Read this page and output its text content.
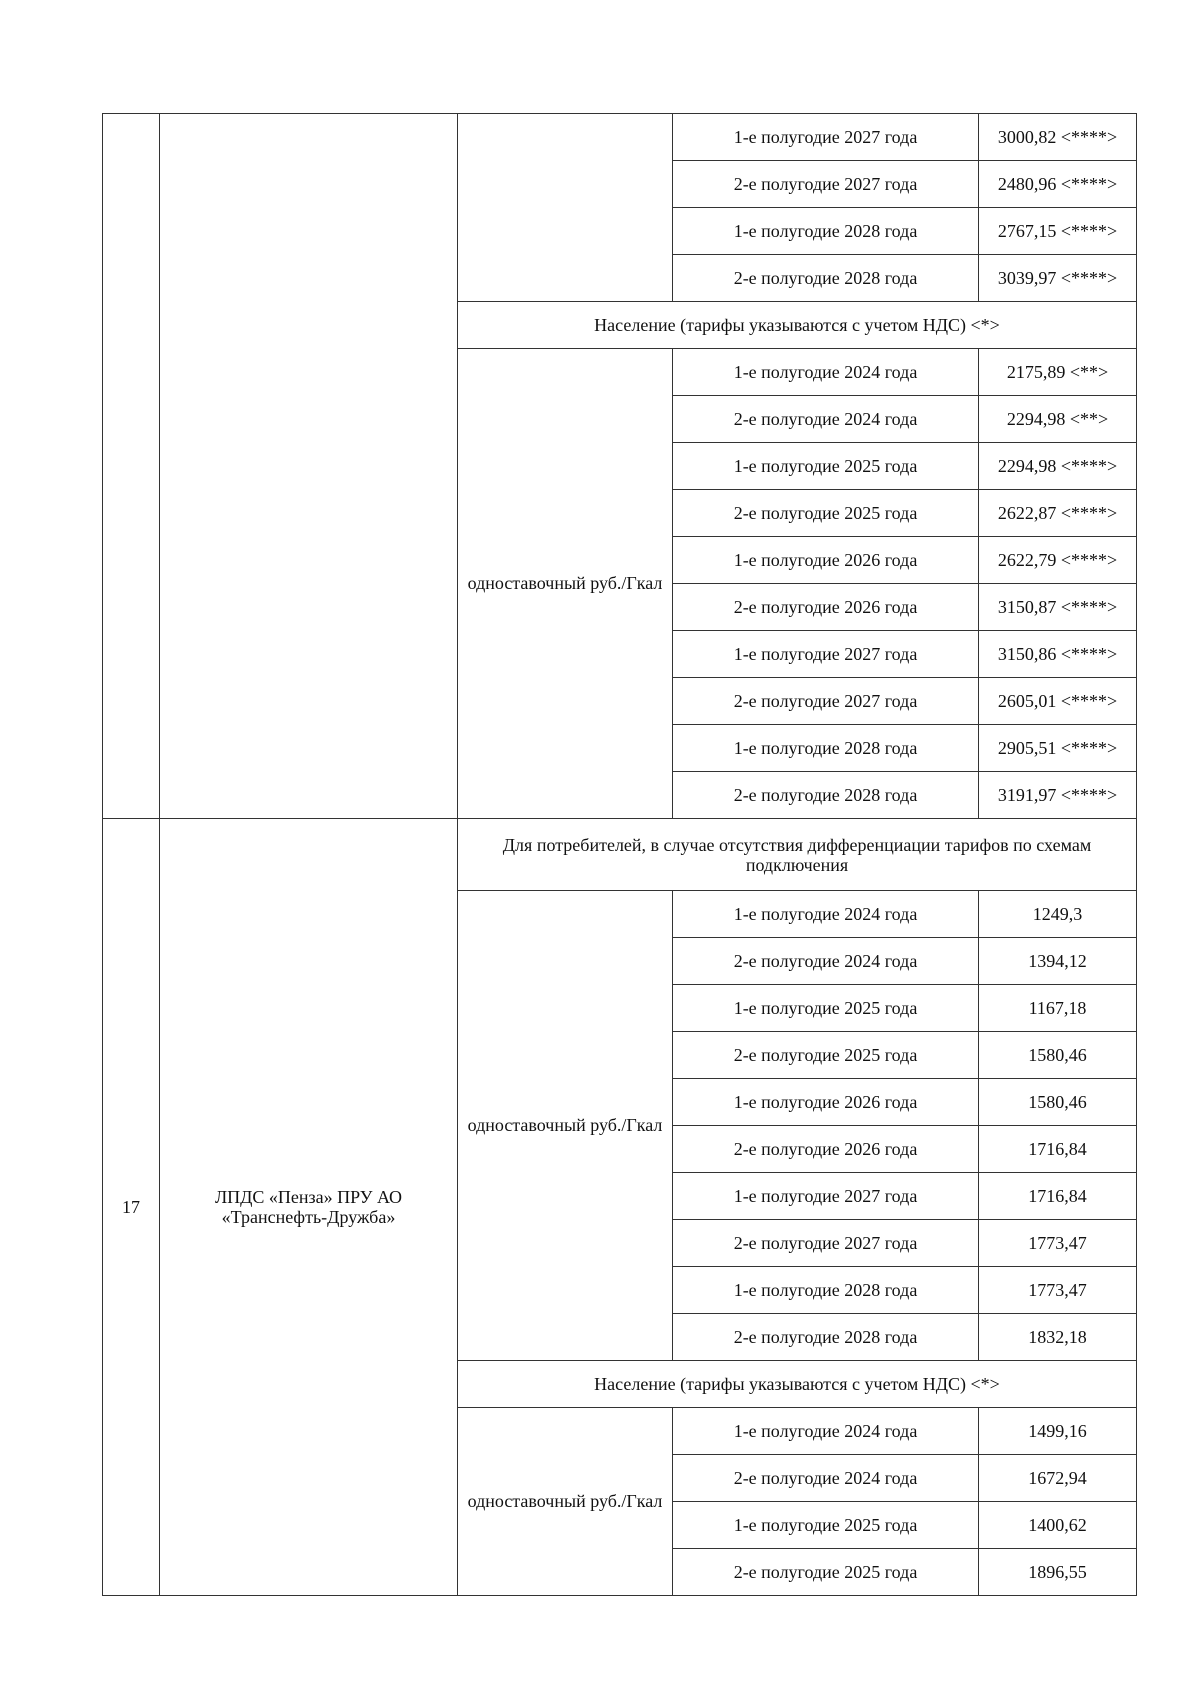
			1-е полугодие 2027 года	3000,82 <****>
			2-е полугодие 2027 года	2480,96 <****>
			1-е полугодие 2028 года	2767,15 <****>
			2-е полугодие 2028 года	3039,97 <****>
		Население (тарифы указываются с учетом НДС) <*>		
		одноставочный руб./Гкал	1-е полугодие 2024 года	2175,89 <**>
			2-е полугодие 2024 года	2294,98 <**>
			1-е полугодие 2025 года	2294,98 <****>
			2-е полугодие 2025 года	2622,87 <****>
			1-е полугодие 2026 года	2622,79 <****>
			2-е полугодие 2026 года	3150,87 <****>
			1-е полугодие 2027 года	3150,86 <****>
			2-е полугодие 2027 года	2605,01 <****>
			1-е полугодие 2028 года	2905,51 <****>
			2-е полугодие 2028 года	3191,97 <****>
17	ЛПДС «Пенза» ПРУ АО «Транснефть-Дружба»	Для потребителей, в случае отсутствия дифференциации тарифов по схемам подключения		
		одноставочный руб./Гкал	1-е полугодие 2024 года	1249,3
			2-е полугодие 2024 года	1394,12
			1-е полугодие 2025 года	1167,18
			2-е полугодие 2025 года	1580,46
			1-е полугодие 2026 года	1580,46
			2-е полугодие 2026 года	1716,84
			1-е полугодие 2027 года	1716,84
			2-е полугодие 2027 года	1773,47
			1-е полугодие 2028 года	1773,47
			2-е полугодие 2028 года	1832,18
		Население (тарифы указываются с учетом НДС) <*>		
		одноставочный руб./Гкал	1-е полугодие 2024 года	1499,16
			2-е полугодие 2024 года	1672,94
			1-е полугодие 2025 года	1400,62
			2-е полугодие 2025 года	1896,55
